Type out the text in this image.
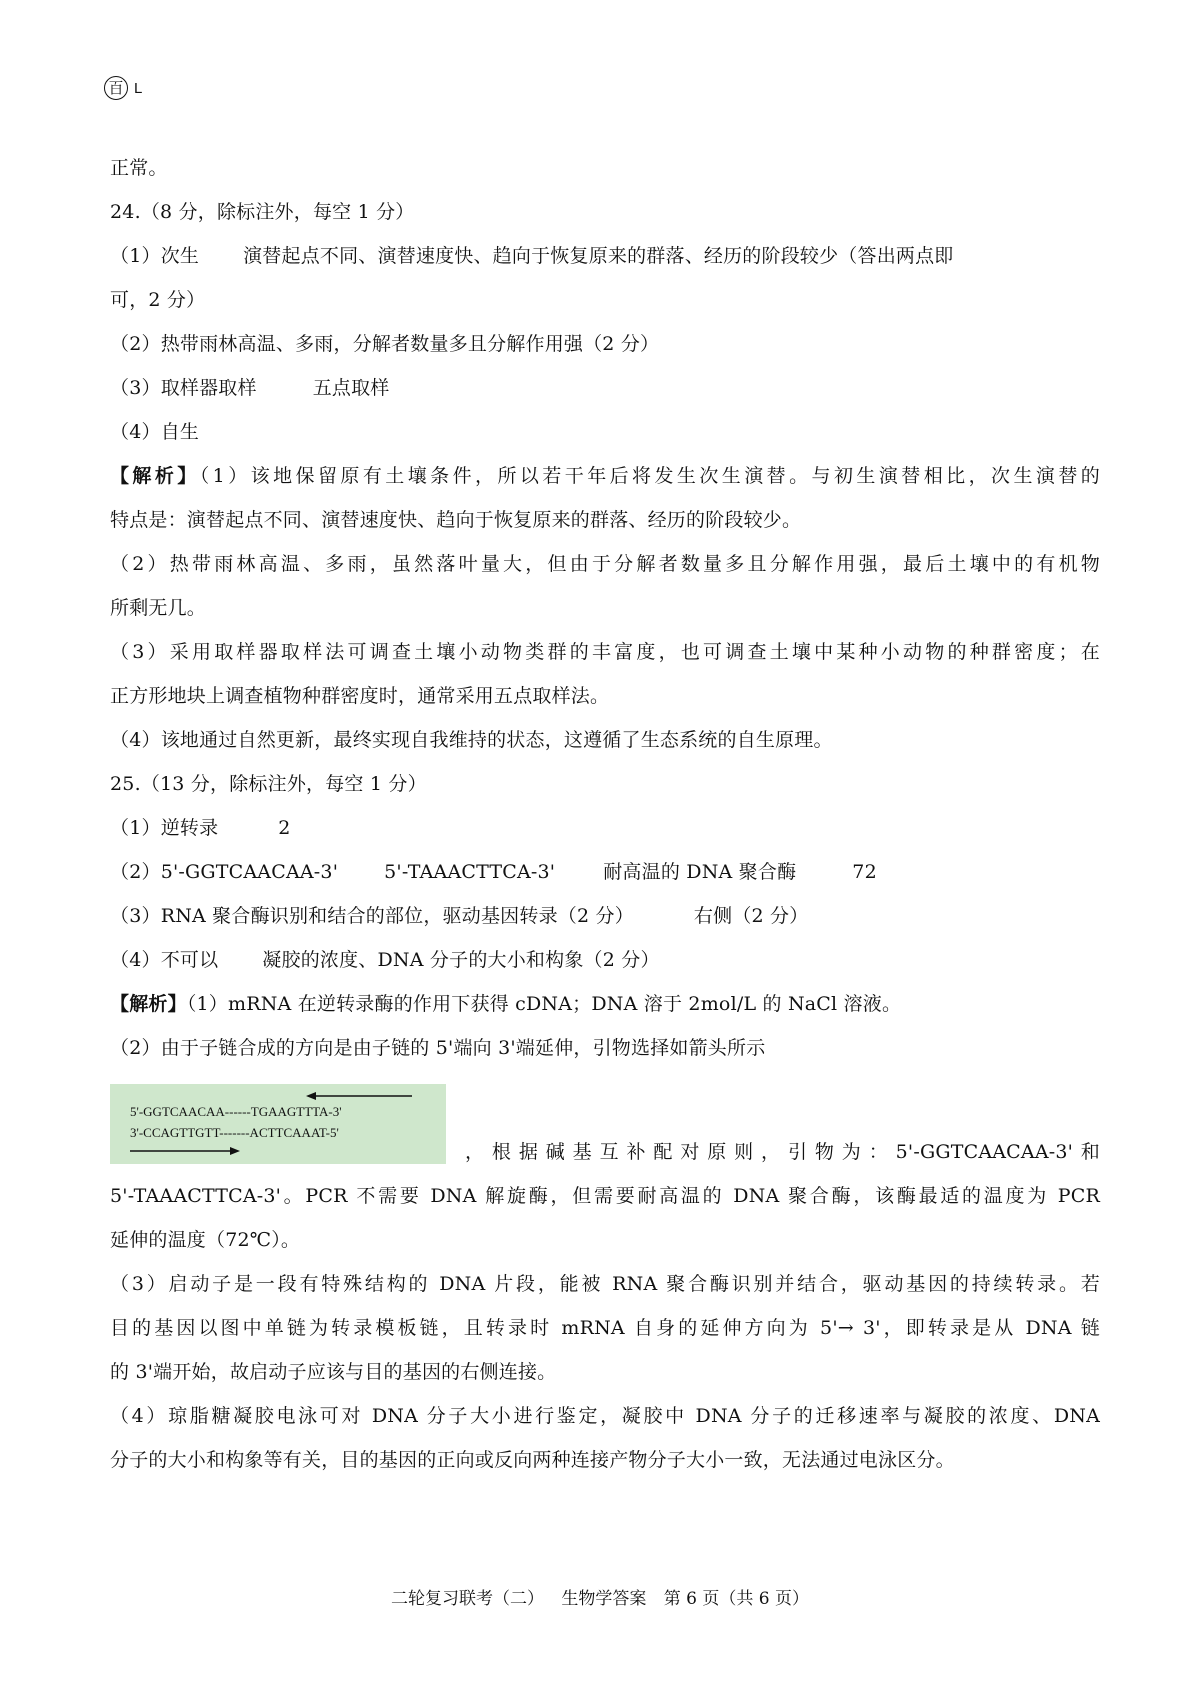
百 L
正常。
24.（8 分，除标注外，每空 1 分）
（1）次生 演替起点不同、演替速度快、趋向于恢复原来的群落、经历的阶段较少（答出两点即
可，2 分）
（2）热带雨林高温、多雨，分解者数量多且分解作用强（2 分）
（3）取样器取样	五点取样
（4）自生
【解析】（1）该地保留原有土壤条件，所以若干年后将发生次生演替。与初生演替相比，次生演替的
特点是：演替起点不同、演替速度快、趋向于恢复原来的群落、经历的阶段较少。
（2）热带雨林高温、多雨，虽然落叶量大，但由于分解者数量多且分解作用强，最后土壤中的有机物
所剩无几。
（3）采用取样器取样法可调查土壤小动物类群的丰富度，也可调查土壤中某种小动物的种群密度；在
正方形地块上调查植物种群密度时，通常采用五点取样法。
（4）该地通过自然更新，最终实现自我维持的状态，这遵循了生态系统的自生原理。
25.（13 分，除标注外，每空 1 分）
（1）逆转录	2
（2）5'-GGTCAACAA-3' 5'-TAAACTTCA-3'	耐高温的 DNA 聚合酶	72
（3）RNA 聚合酶识别和结合的部位，驱动基因转录（2 分）	右侧（2 分）
（4）不可以 凝胶的浓度、DNA 分子的大小和构象（2 分）
【解析】（1）mRNA 在逆转录酶的作用下获得 cDNA；DNA 溶于 2mol/L 的 NaCl 溶液。
（2）由于子链合成的方向是由子链的 5'端向 3'端延伸，引物选择如箭头所示
5'-GGTCAACAA------TGAAGTTTA-3'
3'-CCAGTTGTT-------ACTTCAAAT-5'
，根据碱基互补配对原则，引物为：5'-GGTCAACAA-3'和
5'-TAAACTTCA-3'。PCR 不需要 DNA 解旋酶，但需要耐高温的 DNA 聚合酶，该酶最适的温度为 PCR
延伸的温度（72℃）。
（3）启动子是一段有特殊结构的 DNA 片段，能被 RNA 聚合酶识别并结合，驱动基因的持续转录。若
目的基因以图中单链为转录模板链，且转录时 mRNA 自身的延伸方向为 5'→ 3'，即转录是从 DNA 链
的 3'端开始，故启动子应该与目的基因的右侧连接。
（4）琼脂糖凝胶电泳可对 DNA 分子大小进行鉴定，凝胶中 DNA 分子的迁移速率与凝胶的浓度、DNA
分子的大小和构象等有关，目的基因的正向或反向两种连接产物分子大小一致，无法通过电泳区分。
二轮复习联考（二） 生物学答案 第 6 页（共 6 页）
